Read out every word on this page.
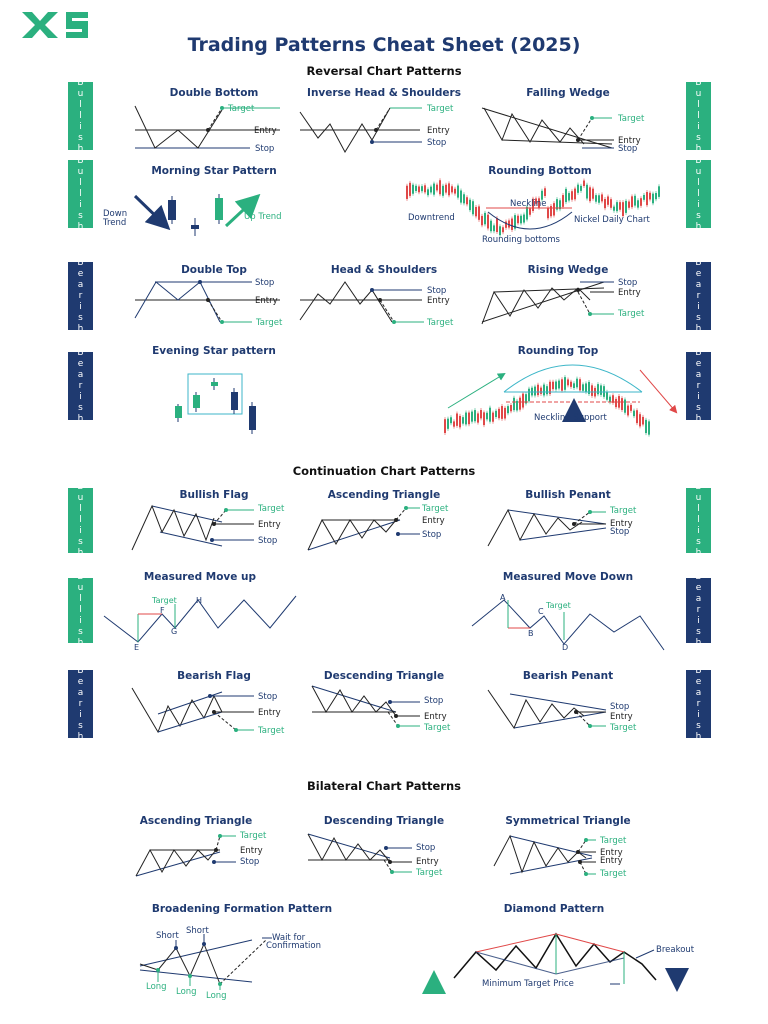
Trading Patterns Cheat Sheet (2025)
Reversal Chart Patterns
Continuation Chart Patterns
Bilateral Chart Patterns
B
u
l
l
i
s
h
B
u
l
l
i
s
h
B
u
l
l
i
s
h
B
u
l
l
i
s
h
B
e
a
r
i
s
h
B
e
a
r
i
s
h
B
e
a
r
i
s
h
B
e
a
r
i
s
h
B
u
l
l
i
s
h
B
u
l
l
i
s
h
B
u
l
l
i
s
h
B
e
a
r
i
s
h
B
e
a
r
i
s
h
B
e
a
r
i
s
h
Double Bottom	Inverse Head & Shoulders	Falling Wedge
Morning Star Pattern	Rounding Bottom
Double Top	Head & Shoulders	Rising Wedge
Evening Star pattern	Rounding Top
Bullish Flag	Ascending Triangle	Bullish Penant
Measured Move up	Measured Move Down
Bearish Flag	Descending Triangle	Bearish Penant
Ascending Triangle	Descending Triangle	Symmetrical Triangle
Broadening Formation Pattern	Diamond Pattern
Target
Entry
Stop
Target
Entry
Stop
Target
Entry
Stop
Down
Trend
Up Trend
Neckline
Downtrend
Rounding bottoms
Nickel Daily Chart
Stop
Entry
Target
Stop
Entry
Target
Stop
Entry
Target
Neckline Support
Target
Entry
Stop
Target
Entry
Stop
Target
Entry
Stop
Target
F
H
G
E
A
C
Target
B
D
Stop
Entry
Target
Stop
Entry
Target
Stop
Entry
Target
Target
Entry
Stop
Stop
Entry
Target
Target
Entry
Entry
Target
Short Short
Long Long Long
Wait for
Confirmation	Breakout
Minimum Target Price
